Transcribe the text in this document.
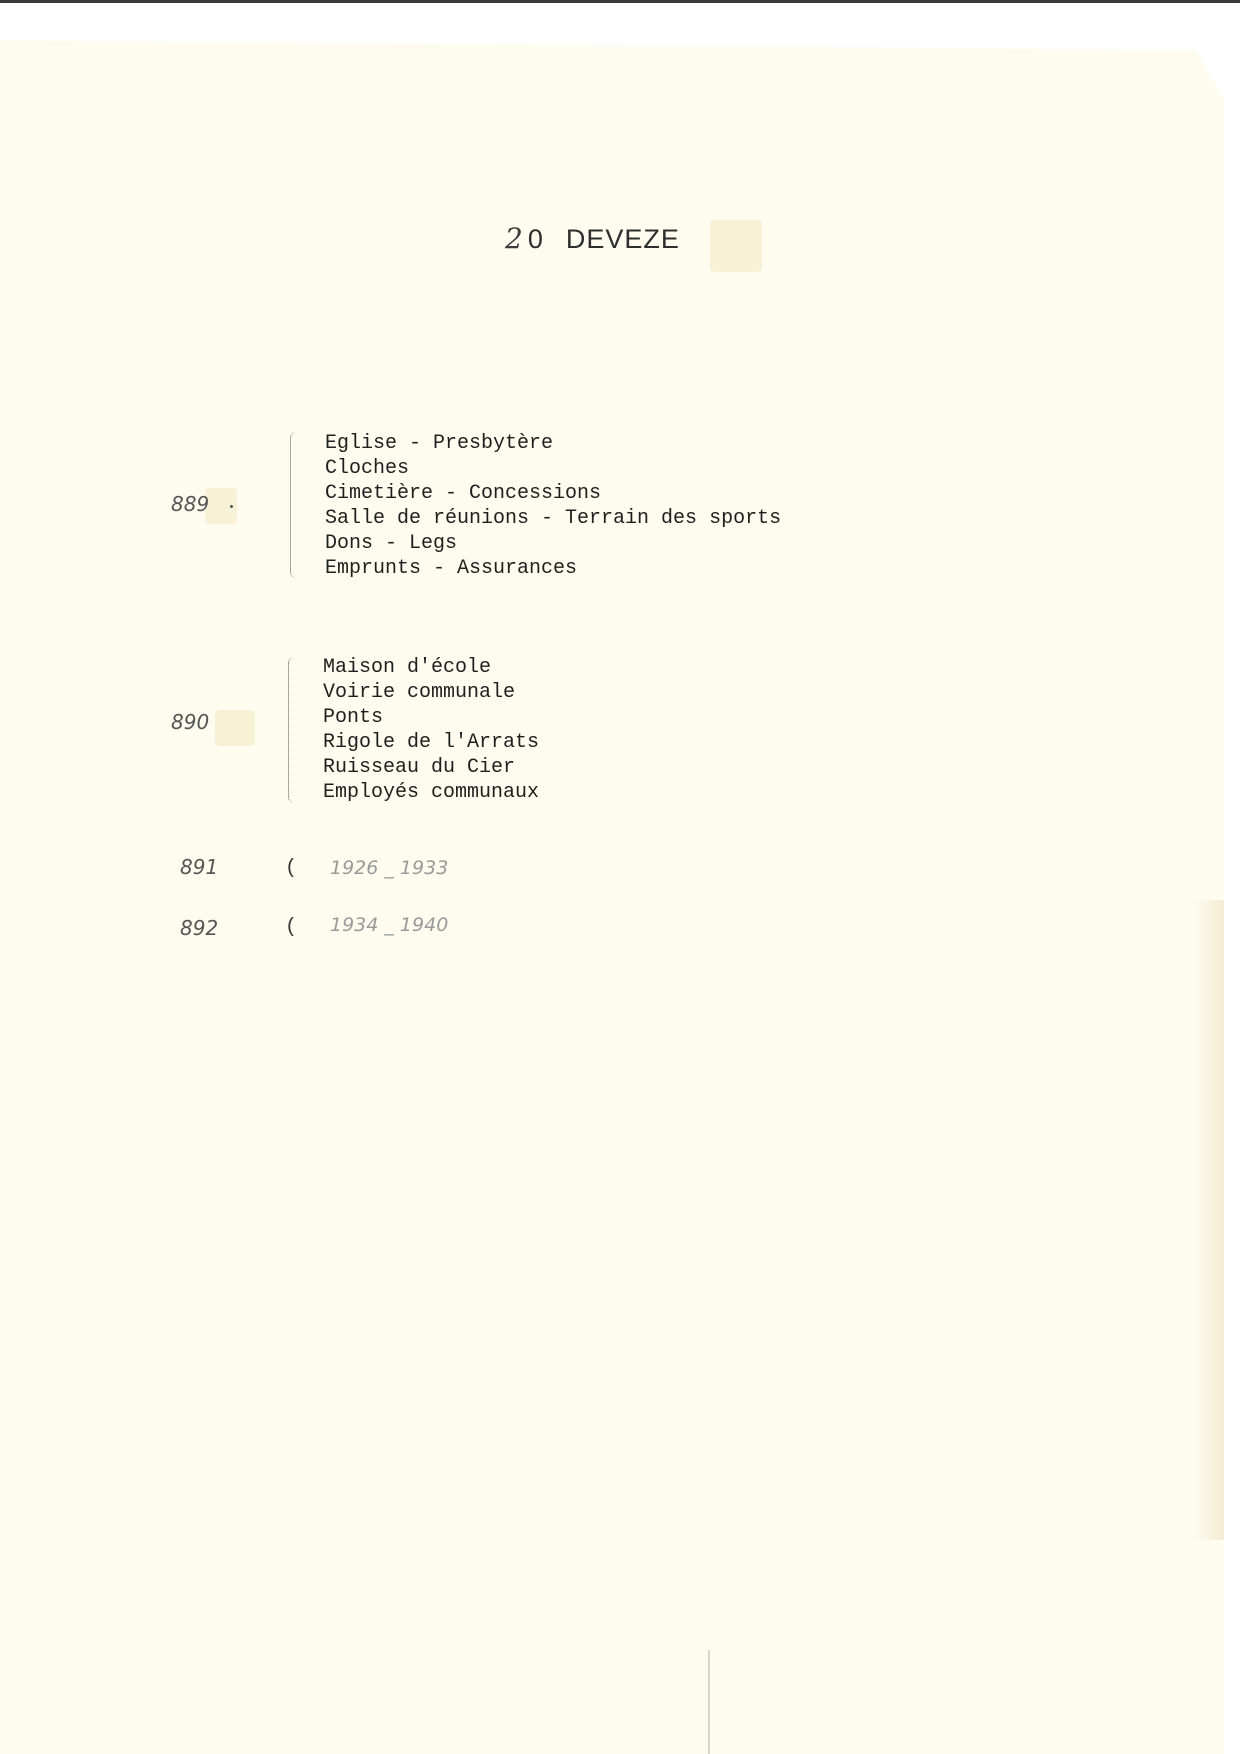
2 0 DEVEZE
889
Eglise - Presbytère
Cloches
Cimetière - Concessions
Salle de réunions - Terrain des sports
Dons - Legs
Emprunts - Assurances
890
Maison d'école
Voirie communale
Ponts
Rigole de l'Arrats
Ruisseau du Cier
Employés communaux
891	( 1926 _ 1933
892	( 1934 _ 1940
